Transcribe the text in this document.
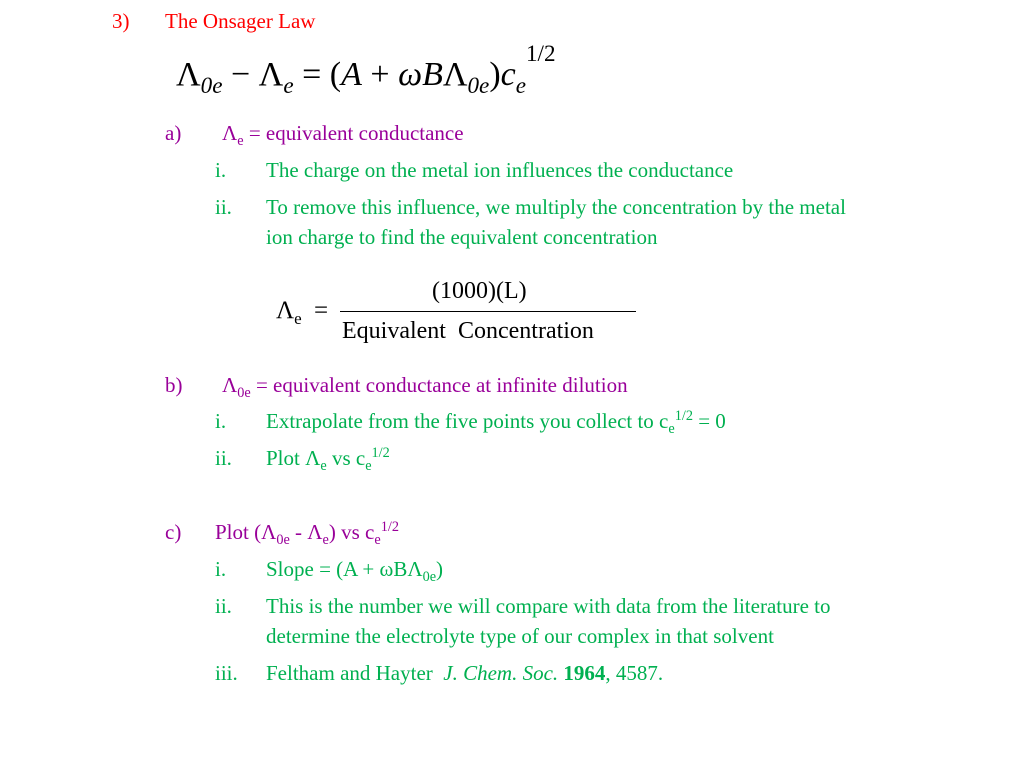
3) The Onsager Law
$\Lambda_{0e} - \Lambda_e = (A + \omega B\Lambda_{0e})c_e^{1/2}$
a) $\Lambda_e$ = equivalent conductance
i. The charge on the metal ion influences the conductance
ii. To remove this influence, we multiply the concentration by the metal
ion charge to find the equivalent concentration
$\Lambda_e$ =
(1000)(L)
Equivalent  Concentration
b) $\Lambda_{0e}$ = equivalent conductance at infinite dilution
i. Extrapolate from the five points you collect to $c_e^{1/2} = 0$
ii. Plot $\Lambda_e$ vs $c_e^{1/2}$
c) Plot $(\Lambda_{0e} - \Lambda_e)$ vs $c_e^{1/2}$
i. Slope = (A + ωBΛ$_{0e}$)
ii. This is the number we will compare with data from the literature to
determine the electrolyte type of our complex in that solvent
iii. Feltham and Hayter  J. Chem. Soc. 1964, 4587.
